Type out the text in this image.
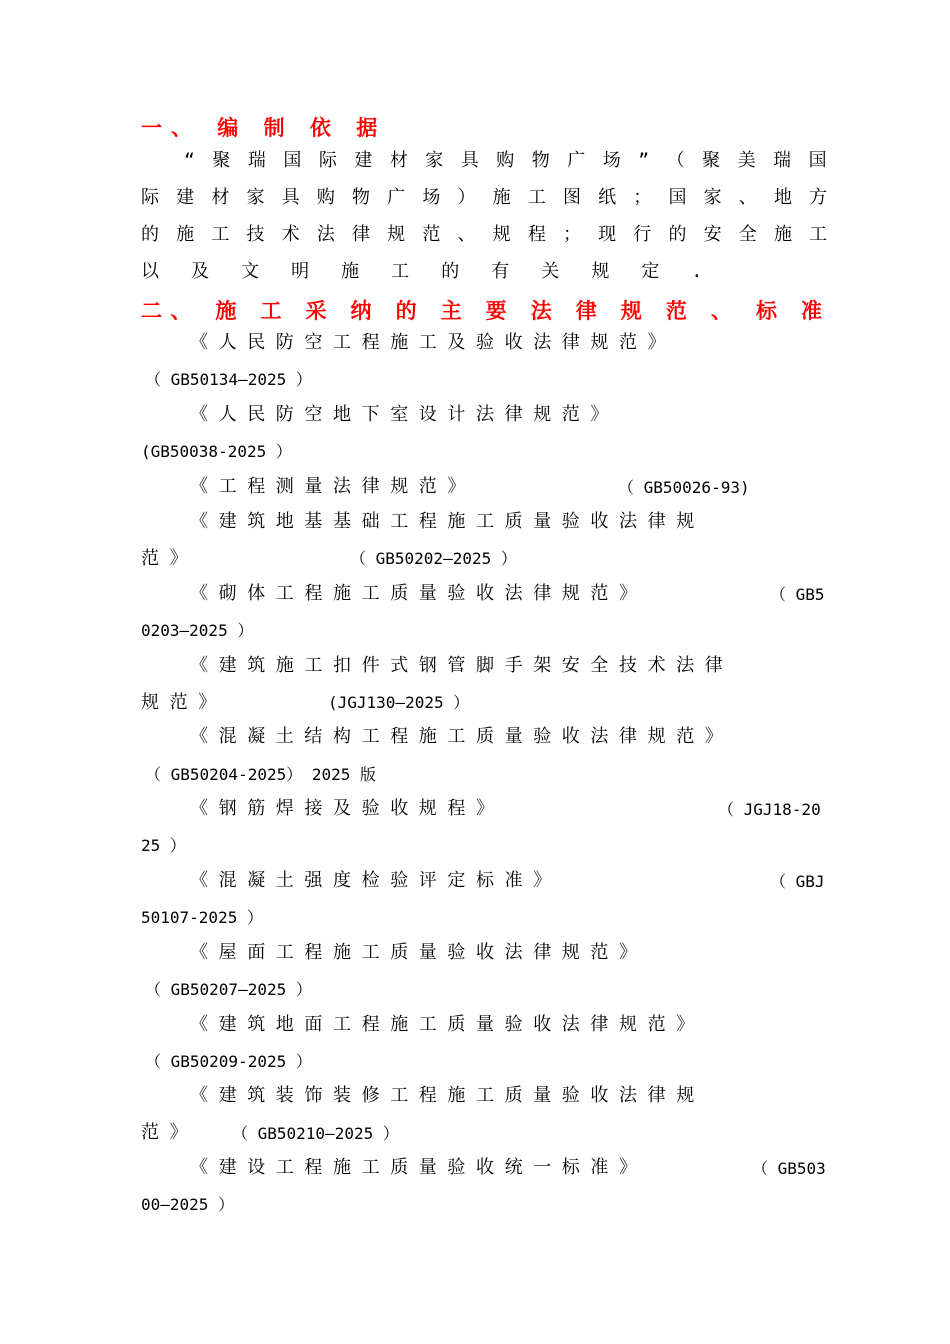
一、 编 制 依 据
“ 聚 瑞 国 际 建 材 家 具 购 物 广 场 ” （ 聚 美 瑞 国
际 建 材 家 具 购 物 广 场 ） 施 工 图 纸 ； 国 家 、 地 方
的 施 工 技 术 法 律 规 范 、 规 程 ； 现 行 的 安 全 施 工
以 及 文 明 施 工 的 有 关 规 定 .
二、 施 工 采 纳 的 主 要 法 律 规 范 、 标 准
《人民防空工程施工及验收法律规范》
（ GB50134—2025 ）
《人民防空地下室设计法律规范》
(GB50038-2025 ）
《工程测量法律规范》	（ GB50026-93)
《建筑地基基础工程施工质量验收法律规
范》	（ GB50202—2025 ）
《砌体工程施工质量验收法律规范》	（ GB5
0203—2025 ）
《建筑施工扣件式钢管脚手架安全技术法律
规范》	(JGJ130—2025 ）
《混凝土结构工程施工质量验收法律规范》
（ GB50204-2025） 2025 版
《钢筋焊接及验收规程》	（ JGJ18-20
25 ）
《混凝土强度检验评定标准》	（ GBJ
50107-2025 ）
《屋面工程施工质量验收法律规范》
（ GB50207—2025 ）
《建筑地面工程施工质量验收法律规范》
（ GB50209-2025 ）
《建筑装饰装修工程施工质量验收法律规
范》 （ GB50210—2025 ）
《建设工程施工质量验收统一标准》	（ GB503
00—2025 ）
